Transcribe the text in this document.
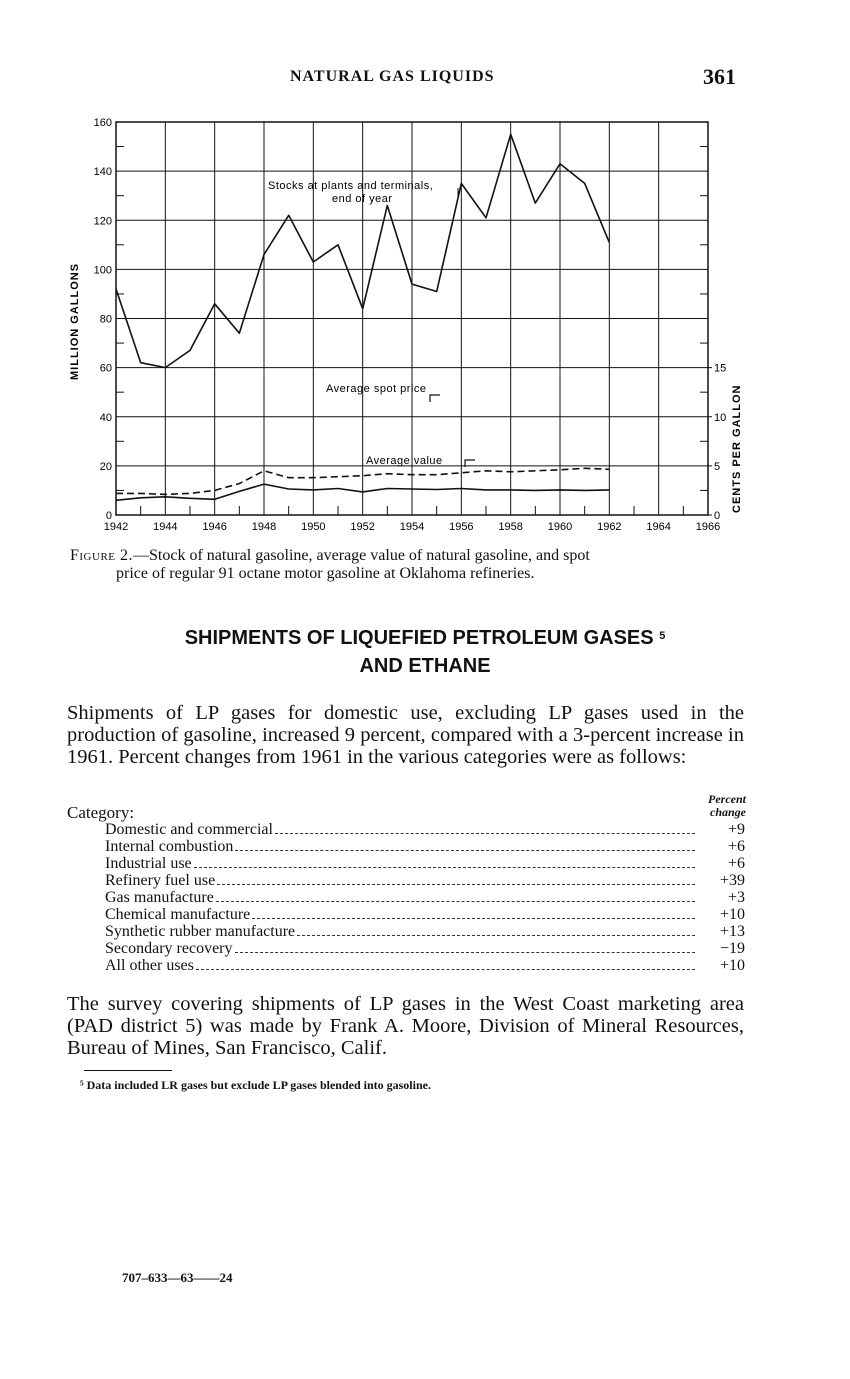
NATURAL GAS LIQUIDS	361
0
20
40
60
80
100
120
140
160
0
5
10
15
1942 1944 1946 1948 1950 1952 1954 1956 1958 1960 1962 1964 1966
MILLION GALLONS
CENTS PER GALLON
Stocks at plants and terminals, end of year
Average spot price
Average value
Figure 2.—Stock of natural gasoline, average value of natural gasoline, and spot
price of regular 91 octane motor gasoline at Oklahoma refineries.
SHIPMENTS OF LIQUEFIED PETROLEUM GASES $^5$
AND ETHANE
Shipments of LP gases for domestic use, excluding LP gases used in the production of gasoline, increased 9 percent, compared with a 3-percent increase in 1961. Percent changes from 1961 in the various categories were as follows:
Percent
change
Category:
Domestic and commercial	+9
Internal combustion	+6
Industrial use	+6
Refinery fuel use	+39
Gas manufacture	+3
Chemical manufacture	+10
Synthetic rubber manufacture	+13
Secondary recovery	−19
All other uses	+10
The survey covering shipments of LP gases in the West Coast marketing area (PAD district 5) was made by Frank A. Moore, Division of Mineral Resources, Bureau of Mines, San Francisco, Calif.
⁵ Data included LR gases but exclude LP gases blended into gasoline.
707–633—63——24
